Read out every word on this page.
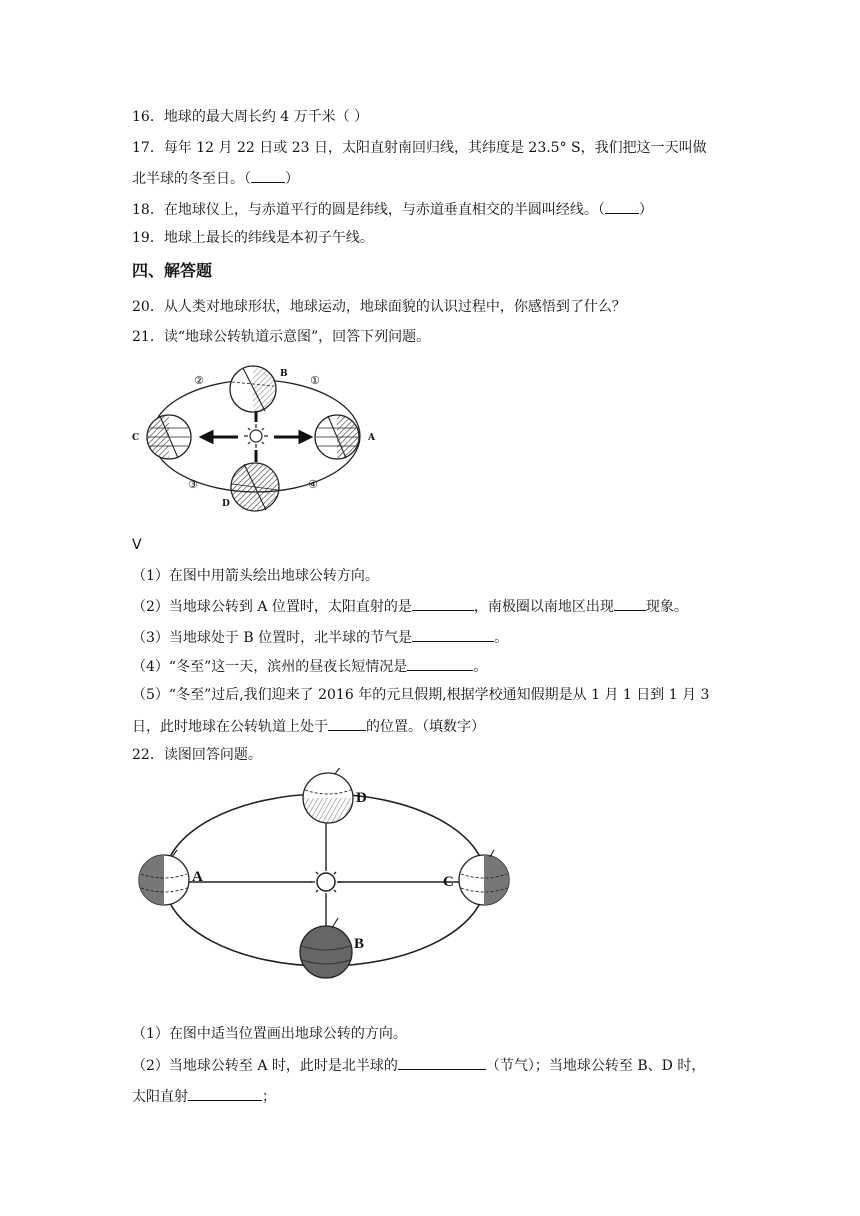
16．地球的最大周长约 4 万千米（ ）
17．每年 12 月 22 日或 23 日，太阳直射南回归线，其纬度是 23.5° S，我们把这一天叫做
北半球的冬至日。（ ）
18．在地球仪上，与赤道平行的圆是纬线，与赤道垂直相交的半圆叫经线。（ ）
19．地球上最长的纬线是本初子午线。
四、解答题
20．从人类对地球形状，地球运动，地球面貌的认识过程中，你感悟到了什么？
21．读“地球公转轨道示意图”，回答下列问题。
B
C	A
D
①
②
③	④
V
（1）在图中用箭头绘出地球公转方向。
（2）当地球公转到 A 位置时，太阳直射的是	，南极圈以南地区出现 现象。
（3）当地球处于 B 位置时，北半球的节气是	。
（4）“冬至”这一天，滨州的昼夜长短情况是	。
（5）“冬至”过后,我们迎来了 2016 年的元旦假期,根据学校通知假期是从 1 月 1 日到 1 月 3
日，此时地球在公转轨道上处于	的位置。（填数字）
22．读图回答问题。
D
A	C
B
（1）在图中适当位置画出地球公转的方向。
（2）当地球公转至 A 时，此时是北半球的	（节气）；当地球公转至 B、D 时，
太阳直射	；
